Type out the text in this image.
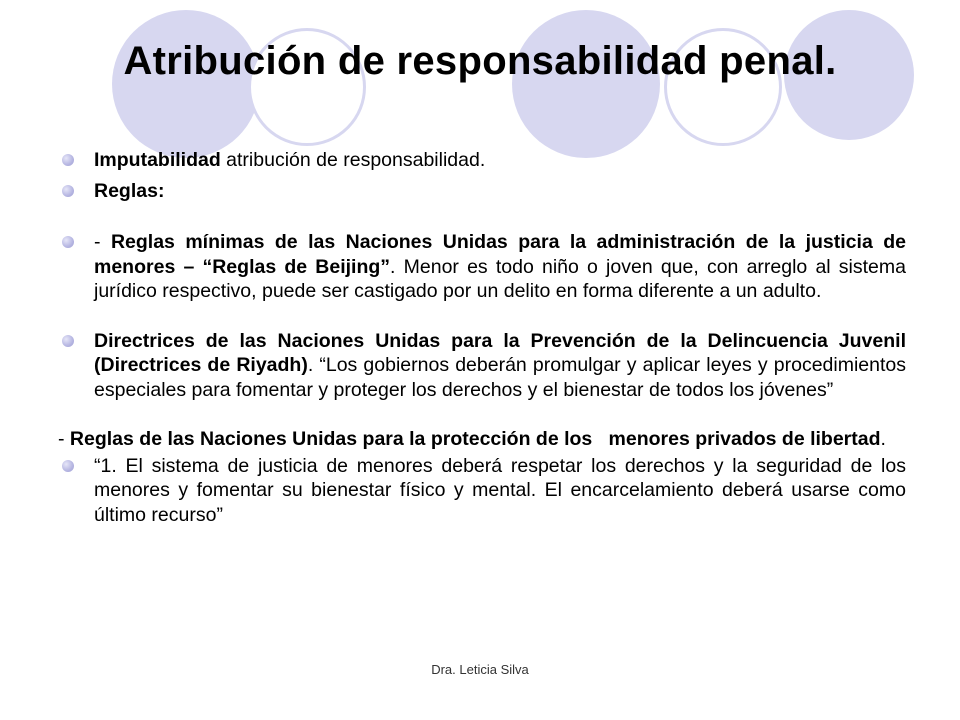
Atribución de responsabilidad penal.

Imputabilidad atribución de responsabilidad.

Reglas:

- Reglas mínimas de las Naciones Unidas para la administración de la justicia de menores – “Reglas de Beijing”. Menor es todo niño o joven que, con arreglo al sistema jurídico respectivo, puede ser castigado por un delito en forma diferente a un adulto.

Directrices de las Naciones Unidas para la Prevención de la Delincuencia Juvenil (Directrices de Riyadh). “Los gobiernos deberán promulgar y aplicar leyes y procedimientos especiales para fomentar y proteger los derechos y el bienestar de todos los jóvenes”

- Reglas de las Naciones Unidas para la protección de los   menores privados de libertad.

“1. El sistema de justicia de menores deberá respetar los derechos y la seguridad de los menores y fomentar su bienestar físico y mental. El encarcelamiento deberá usarse como último recurso”

Dra. Leticia Silva
